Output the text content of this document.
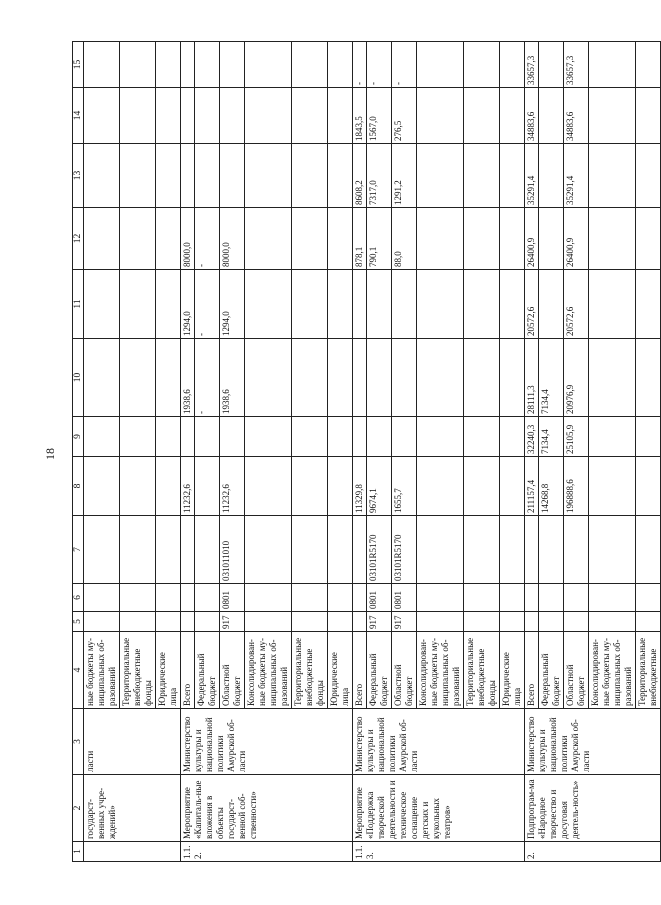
18
1	2	3	4	5	6	7	8	9	10	11	12	13	14	15
	государст-венных учре-ждений»	ласти	ные бюджеты му-ниципальных об-разований											
			Территориальные внебюджетные фонды											
			Юридические лица											
1.1.2.	Мероприятие «Капиталь-ные вложения в объекты государст-венной соб-ственности»	Министерство культуры и национальной политики Амурской об-ласти	Всего				11232,6		1938,6	1294,0	8000,0			
			Федеральный бюджет						-	-	-			
			Областной бюджет	917	0801	031011010	11232,6		1938,6	1294,0	8000,0			
			Консолидирован-ные бюджеты му-ниципальных об-разований											
			Территориальные внебюджетные фонды											
			Юридические лица											
1.1.3.	Мероприятие «Поддержка творческой деятельности и техническое оснащение детских и кукольных театров»	Министерство культуры и национальной политики Амурской об-ласти	Всего				11329,8				878,1	8608,2	1843,5	-
			Федеральный бюджет	917	0801	03101R5170	9674,1				790,1	7317,0	1567,0	-
			Областной бюджет	917	0801	03101R5170	1655,7				88,0	1291,2	276,5	-
			Консолидирован-ные бюджеты му-ниципальных об-разований											
			Территориальные внебюджетные фонды											
			Юридические лица											
2.	Подпрограм-ма «Народное творчество и досуговая деятель-ность»	Министерство культуры и национальной политики Амурской об-ласти	Всего				211157,4	32240,3	28111,3	20572,6	26400,9	35291,4	34883,6	33657,3
			Федеральный бюджет				14268,8	7134,4	7134,4					
			Областной бюджет				196888,6	25105,9	20976,9	20572,6	26400,9	35291,4	34883,6	33657,3
			Консолидирован-ные бюджеты му-ниципальных об-разований											
			Территориальные внебюджетные											
